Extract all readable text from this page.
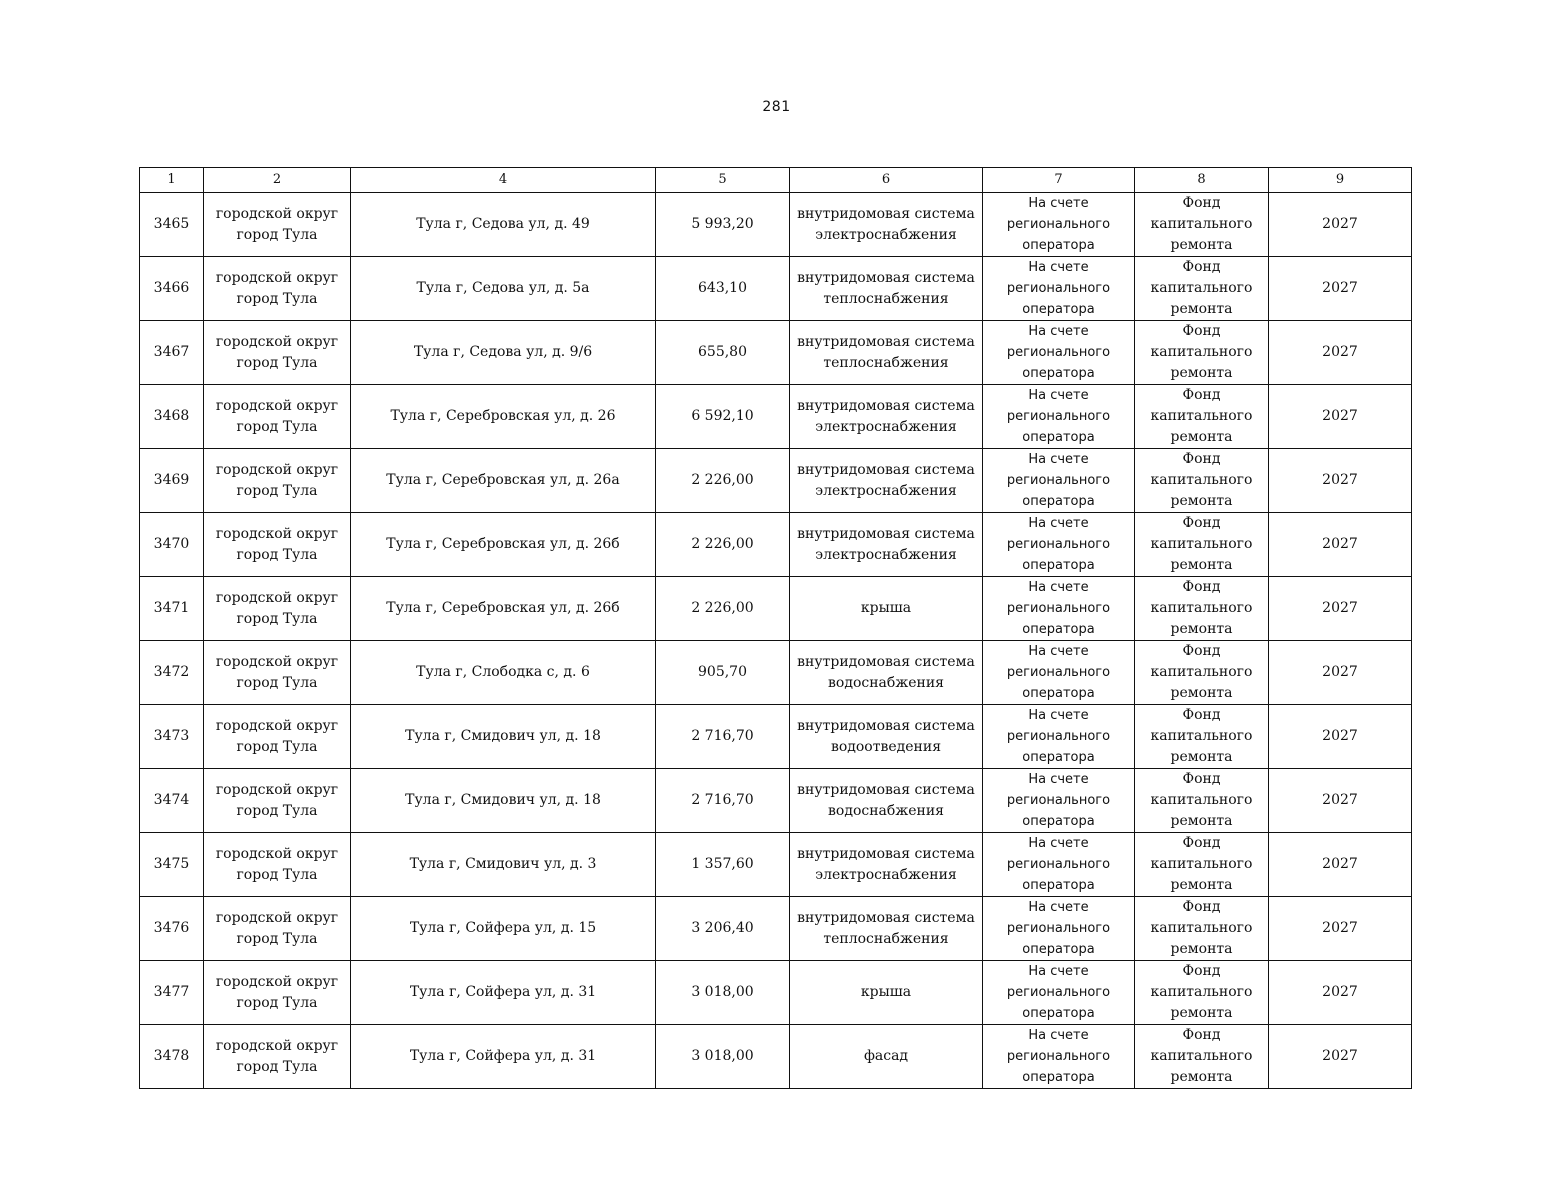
281
1	2	4	5	6	7	8	9
3465	городской округ
город Тула	Тула г, Седова ул, д. 49	5 993,20	внутридомовая система
электроснабжения	На счете
регионального
оператора	Фонд
капитального
ремонта	2027
3466	городской округ
город Тула	Тула г, Седова ул, д. 5а	643,10	внутридомовая система
теплоснабжения	На счете
регионального
оператора	Фонд
капитального
ремонта	2027
3467	городской округ
город Тула	Тула г, Седова ул, д. 9/6	655,80	внутридомовая система
теплоснабжения	На счете
регионального
оператора	Фонд
капитального
ремонта	2027
3468	городской округ
город Тула	Тула г, Серебровская ул, д. 26	6 592,10	внутридомовая система
электроснабжения	На счете
регионального
оператора	Фонд
капитального
ремонта	2027
3469	городской округ
город Тула	Тула г, Серебровская ул, д. 26а	2 226,00	внутридомовая система
электроснабжения	На счете
регионального
оператора	Фонд
капитального
ремонта	2027
3470	городской округ
город Тула	Тула г, Серебровская ул, д. 26б	2 226,00	внутридомовая система
электроснабжения	На счете
регионального
оператора	Фонд
капитального
ремонта	2027
3471	городской округ
город Тула	Тула г, Серебровская ул, д. 26б	2 226,00	крыша	На счете
регионального
оператора	Фонд
капитального
ремонта	2027
3472	городской округ
город Тула	Тула г, Слободка с, д. 6	905,70	внутридомовая система
водоснабжения	На счете
регионального
оператора	Фонд
капитального
ремонта	2027
3473	городской округ
город Тула	Тула г, Смидович ул, д. 18	2 716,70	внутридомовая система
водоотведения	На счете
регионального
оператора	Фонд
капитального
ремонта	2027
3474	городской округ
город Тула	Тула г, Смидович ул, д. 18	2 716,70	внутридомовая система
водоснабжения	На счете
регионального
оператора	Фонд
капитального
ремонта	2027
3475	городской округ
город Тула	Тула г, Смидович ул, д. 3	1 357,60	внутридомовая система
электроснабжения	На счете
регионального
оператора	Фонд
капитального
ремонта	2027
3476	городской округ
город Тула	Тула г, Сойфера ул, д. 15	3 206,40	внутридомовая система
теплоснабжения	На счете
регионального
оператора	Фонд
капитального
ремонта	2027
3477	городской округ
город Тула	Тула г, Сойфера ул, д. 31	3 018,00	крыша	На счете
регионального
оператора	Фонд
капитального
ремонта	2027
3478	городской округ
город Тула	Тула г, Сойфера ул, д. 31	3 018,00	фасад	На счете
регионального
оператора	Фонд
капитального
ремонта	2027
